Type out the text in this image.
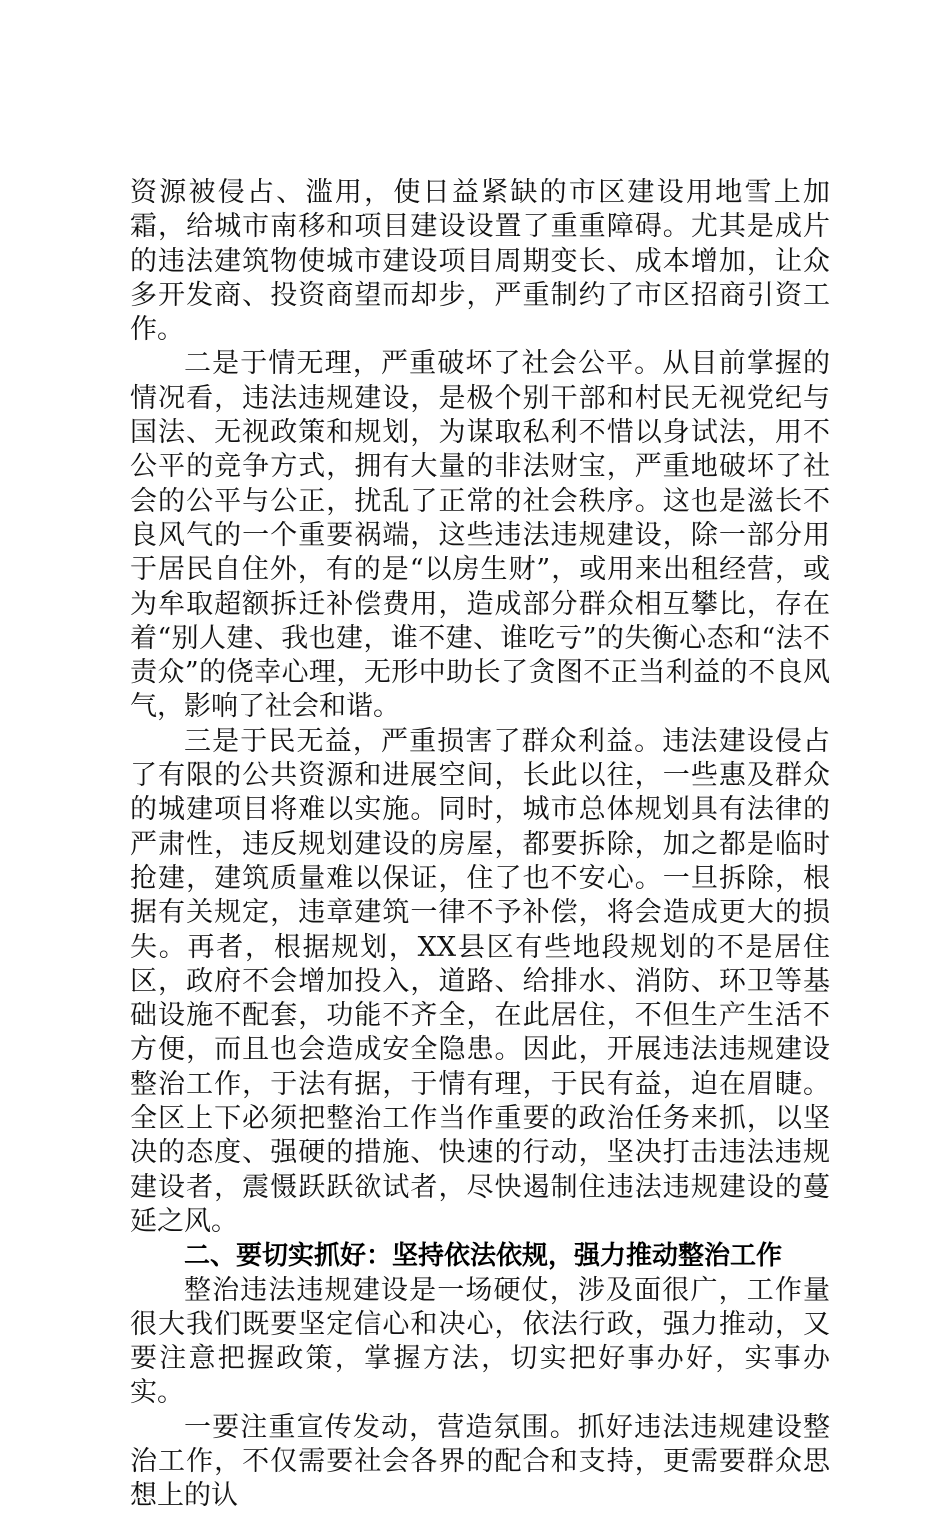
资源被侵占、滥用，使日益紧缺的市区建设用地雪上加霜，给城市南移和项目建设设置了重重障碍。尤其是成片的违法建筑物使城市建设项目周期变长、成本增加，让众多开发商、投资商望而却步，严重制约了市区招商引资工作。

二是于情无理，严重破坏了社会公平。从目前掌握的情况看，违法违规建设，是极个别干部和村民无视党纪与国法、无视政策和规划，为谋取私利不惜以身试法，用不公平的竞争方式，拥有大量的非法财宝，严重地破坏了社会的公平与公正，扰乱了正常的社会秩序。这也是滋长不良风气的一个重要祸端，这些违法违规建设，除一部分用于居民自住外，有的是“以房生财”，或用来出租经营，或为牟取超额拆迁补偿费用，造成部分群众相互攀比，存在着“别人建、我也建，谁不建、谁吃亏”的失衡心态和“法不责众”的侥幸心理，无形中助长了贪图不正当利益的不良风气，影响了社会和谐。

三是于民无益，严重损害了群众利益。违法建设侵占了有限的公共资源和进展空间，长此以往，一些惠及群众的城建项目将难以实施。同时，城市总体规划具有法律的严肃性，违反规划建设的房屋，都要拆除，加之都是临时抢建，建筑质量难以保证，住了也不安心。一旦拆除，根据有关规定，违章建筑一律不予补偿，将会造成更大的损失。再者，根据规划，XX县区有些地段规划的不是居住区，政府不会增加投入，道路、给排水、消防、环卫等基础设施不配套，功能不齐全，在此居住，不但生产生活不方便，而且也会造成安全隐患。因此，开展违法违规建设整治工作，于法有据，于情有理，于民有益，迫在眉睫。全区上下必须把整治工作当作重要的政治任务来抓，以坚决的态度、强硬的措施、快速的行动，坚决打击违法违规建设者，震慑跃跃欲试者，尽快遏制住违法违规建设的蔓延之风。

二、要切实抓好：坚持依法依规，强力推动整治工作

整治违法违规建设是一场硬仗，涉及面很广，工作量很大我们既要坚定信心和决心，依法行政，强力推动，又要注意把握政策，掌握方法，切实把好事办好，实事办实。

一要注重宣传发动，营造氛围。抓好违法违规建设整治工作，不仅需要社会各界的配合和支持，更需要群众思想上的认
